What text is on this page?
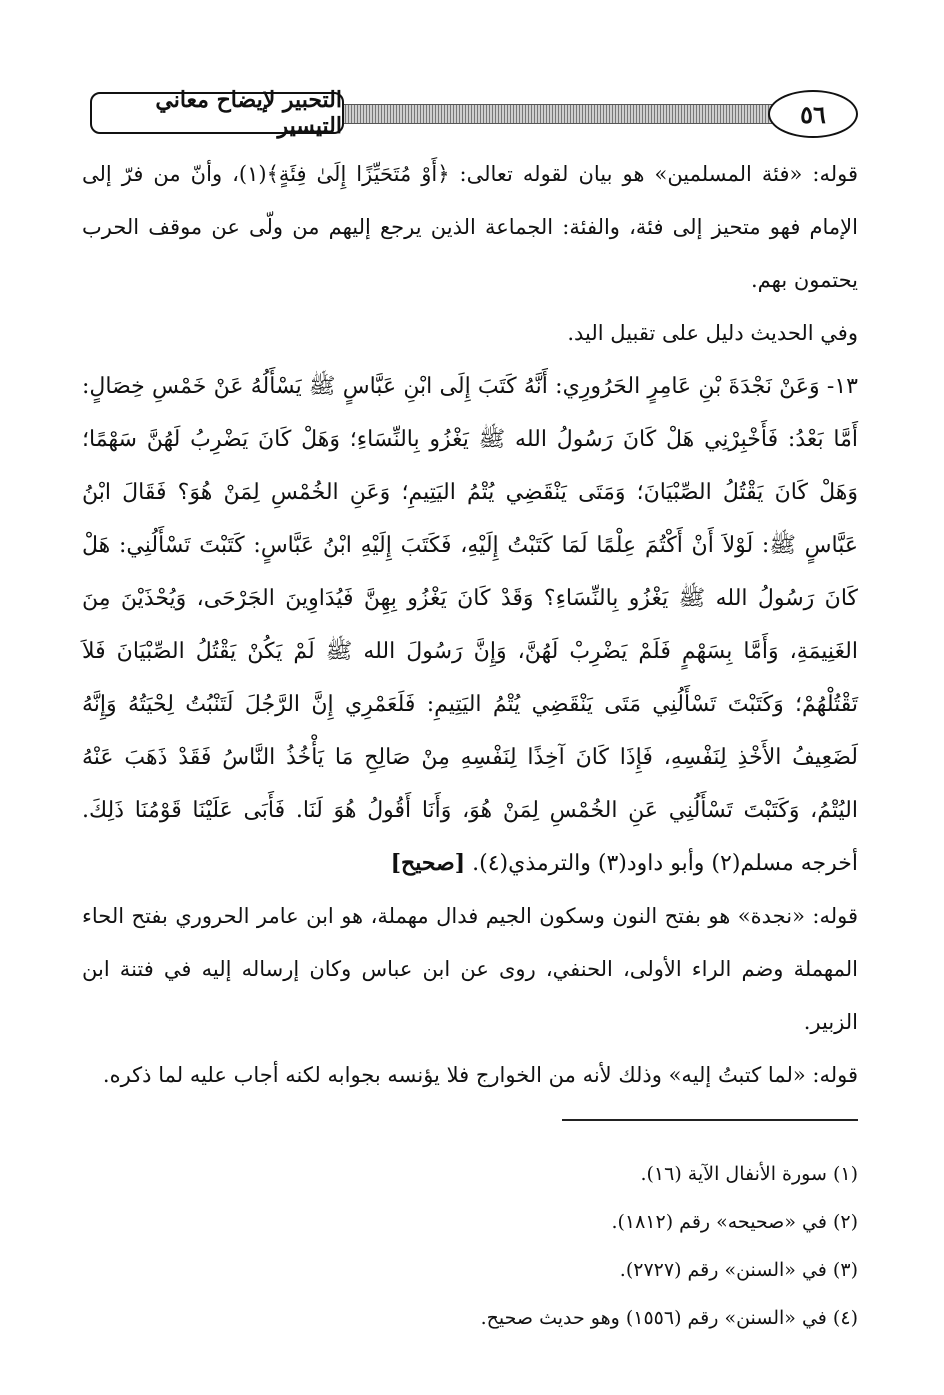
التحبير لإيضاح معاني التيسير	٥٦

قوله: «فئة المسلمين» هو بيان لقوله تعالى: ﴿أَوْ مُتَحَيِّزًا إِلَىٰ فِئَةٍ﴾(١)، وأنّ من فرّ إلى الإمام فهو متحيز إلى فئة، والفئة: الجماعة الذين يرجع إليهم من ولّى عن موقف الحرب يحتمون بهم.

وفي الحديث دليل على تقبيل اليد.

١٣- وَعَنْ نَجْدَةَ بْنِ عَامِرٍ الحَرُورِي: أَنَّهُ كَتَبَ إِلَى ابْنِ عَبَّاسٍ ﷺ يَسْأَلُهُ عَنْ خَمْسِ خِصَالٍ: أَمَّا بَعْدُ: فَأَخْبِرْنِي هَلْ كَانَ رَسُولُ الله ﷺ يَغْزُو بِالنِّسَاءِ؛ وَهَلْ كَانَ يَضْرِبُ لَهُنَّ سَهْمًا؛ وَهَلْ كَانَ يَقْتُلُ الصِّبْيَانَ؛ وَمَتَى يَنْقَضِي يُتْمُ اليَتِيمِ؛ وَعَنِ الخُمْسِ لِمَنْ هُوَ؟ فَقَالَ ابْنُ عَبَّاسٍ ﷺ: لَوْلاَ أَنْ أَكْتُمَ عِلْمًا لَمَا كَتَبْتُ إِلَيْهِ، فَكَتَبَ إِلَيْهِ ابْنُ عَبَّاسٍ: كَتَبْتَ تَسْأَلُنِي: هَلْ كَانَ رَسُولُ الله ﷺ يَغْزُو بِالنِّسَاءِ؟ وَقَدْ كَانَ يَغْزُو بِهِنَّ فَيُدَاوِينَ الجَرْحَى، وَيُحْذَيْنَ مِنَ الغَنِيمَةِ، وَأَمَّا بِسَهْمٍ فَلَمْ يَضْرِبْ لَهُنَّ، وَإِنَّ رَسُولَ الله ﷺ لَمْ يَكُنْ يَقْتُلُ الصِّبْيَانَ فَلاَ تَقْتُلْهُمْ؛ وَكَتَبْتَ تَسْأَلُنِي مَتَى يَنْقَضِي يُتْمُ اليَتِيمِ: فَلَعَمْرِي إِنَّ الرَّجُلَ لَتَنْبُتُ لِحْيَتُهُ وَإِنَّهُ لَضَعِيفُ الأَخْذِ لِنَفْسِهِ، فَإِذَا كَانَ آخِذًا لِنَفْسِهِ مِنْ صَالِحِ مَا يَأْخُذُ النَّاسُ فَقَدْ ذَهَبَ عَنْهُ اليُتْمُ، وَكَتَبْتَ تَسْأَلُنِي عَنِ الخُمْسِ لِمَنْ هُوَ، وَأَنَا أَقُولُ هُوَ لَنَا. فَأَبَى عَلَيْنَا قَوْمُنَا ذَلِكَ. أخرجه مسلم(٢) وأبو داود(٣) والترمذي(٤). [صحيح]

قوله: «نجدة» هو بفتح النون وسكون الجيم فدال مهملة، هو ابن عامر الحروري بفتح الحاء المهملة وضم الراء الأولى، الحنفي، روى عن ابن عباس وكان إرساله إليه في فتنة ابن الزبير.

قوله: «لما كتبتُ إليه» وذلك لأنه من الخوارج فلا يؤنسه بجوابه لكنه أجاب عليه لما ذكره.

(١) سورة الأنفال الآية (١٦).
(٢) في «صحيحه» رقم (١٨١٢).
(٣) في «السنن» رقم (٢٧٢٧).
(٤) في «السنن» رقم (١٥٥٦) وهو حديث صحيح.
